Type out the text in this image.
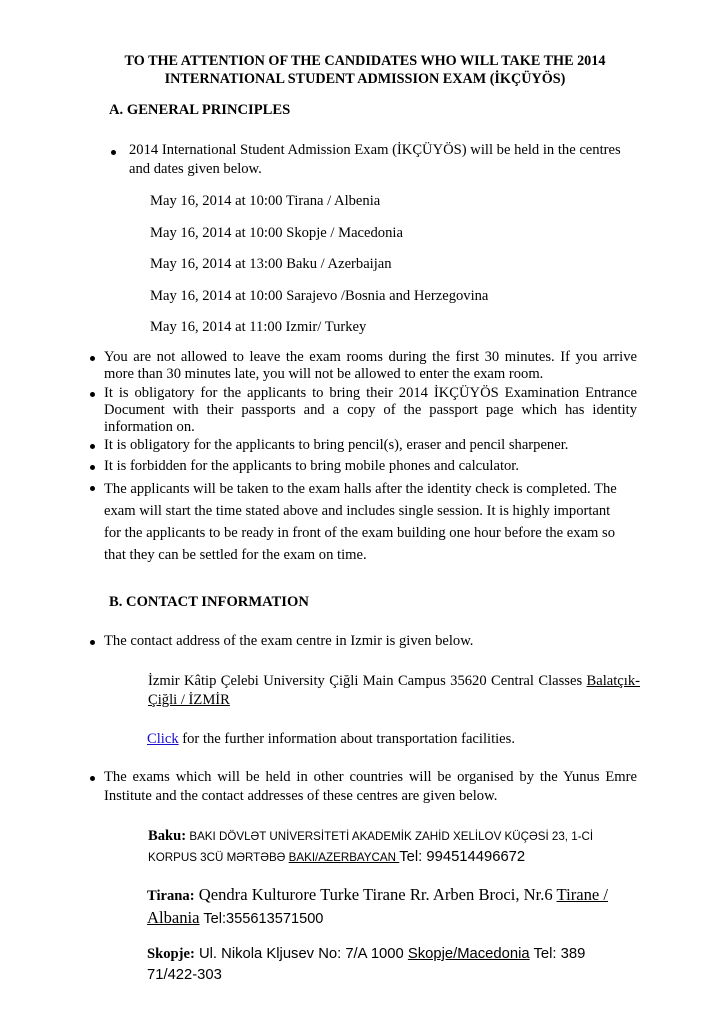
TO THE ATTENTION OF THE CANDIDATES WHO WILL TAKE THE 2014
INTERNATIONAL STUDENT ADMISSION EXAM (İKÇÜYÖS)
A. GENERAL PRINCIPLES
2014 International Student Admission Exam (İKÇÜYÖS) will be held in the centres
and dates given below.
May 16, 2014 at 10:00 Tirana / Albenia
May 16, 2014 at 10:00 Skopje / Macedonia
May 16, 2014 at 13:00 Baku / Azerbaijan
May 16, 2014 at 10:00 Sarajevo /Bosnia and Herzegovina
May 16, 2014 at 11:00 Izmir/ Turkey
You are not allowed to leave the exam rooms during the first 30 minutes. If you arrive more than 30 minutes late, you will not be allowed to enter the exam room.
It is obligatory for the applicants to bring their 2014 İKÇÜYÖS Examination Entrance Document with their passports and a copy of the passport page which has identity information on.
It is obligatory for the applicants to bring pencil(s), eraser and pencil sharpener.
It is forbidden for the applicants to bring mobile phones and calculator.
The applicants will be taken to the exam halls after the identity check is completed. The exam will start the time stated above and includes single session. It is highly important for the applicants to be ready in front of the exam building one hour before the exam so that they can be settled for the exam on time.
B. CONTACT INFORMATION
The contact address of the exam centre in Izmir is given below.
İzmir Kâtip Çelebi University Çiğli Main Campus 35620 Central Classes Balatçık-Çiğli / İZMİR
Click for the further information about transportation facilities.
The exams which will be held in other countries will be organised by the Yunus Emre Institute and the contact addresses of these centres are given below.
Baku: BAKI DÖVLƏT UNİVERSİTETİ AKADEMİK ZAHİD XELİLOV KÜÇƏSİ 23, 1-Cİ KORPUS 3CÜ MƏRTƏBƏ BAKI/AZERBAYCAN Tel: 994514496672
Tirana: Qendra Kulturore Turke Tirane Rr. Arben Broci, Nr.6 Tirane / Albania Tel:355613571500
Skopje: Ul. Nikola Kljusev No: 7/A 1000 Skopje/Macedonia Tel: 389 71/422-303
